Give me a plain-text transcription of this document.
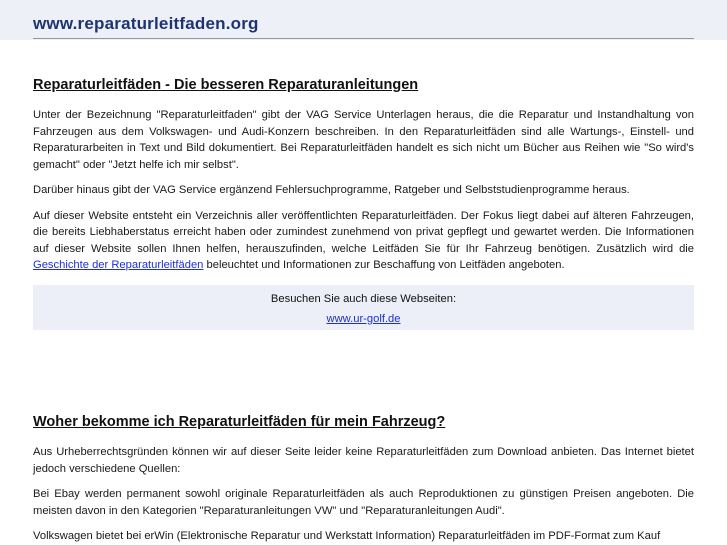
www.reparaturleitfaden.org
Reparaturleitfäden - Die besseren Reparaturanleitungen

Unter der Bezeichnung "Reparaturleitfaden" gibt der VAG Service Unterlagen heraus, die die Reparatur und Instandhaltung von Fahrzeugen aus dem Volkswagen- und Audi-Konzern beschreiben. In den Reparaturleitfäden sind alle Wartungs-, Einstell- und Reparaturarbeiten in Text und Bild dokumentiert. Bei Reparaturleitfäden handelt es sich nicht um Bücher aus Reihen wie "So wird's gemacht" oder "Jetzt helfe ich mir selbst".

Darüber hinaus gibt der VAG Service ergänzend Fehlersuchprogramme, Ratgeber und Selbststudienprogramme heraus.

Auf dieser Website entsteht ein Verzeichnis aller veröffentlichten Reparaturleitfäden. Der Fokus liegt dabei auf älteren Fahrzeugen, die bereits Liebhaberstatus erreicht haben oder zumindest zunehmend von privat gepflegt und gewartet werden. Die Informationen auf dieser Website sollen Ihnen helfen, herauszufinden, welche Leitfäden Sie für Ihr Fahrzeug benötigen. Zusätzlich wird die Geschichte der Reparaturleitfäden beleuchtet und Informationen zur Beschaffung von Leitfäden angeboten.

Besuchen Sie auch diese Webseiten:
www.ur-golf.de
Woher bekomme ich Reparaturleitfäden für mein Fahrzeug?

Aus Urheberrechtsgründen können wir auf dieser Seite leider keine Reparaturleitfäden zum Download anbieten. Das Internet bietet jedoch verschiedene Quellen:

Bei Ebay werden permanent sowohl originale Reparaturleitfäden als auch Reproduktionen zu günstigen Preisen angeboten. Die meisten davon in den Kategorien "Reparaturanleitungen VW" und "Reparaturanleitungen Audi".

Volkswagen bietet bei erWin (Elektronische Reparatur und Werkstatt Information) Reparaturleitfäden im PDF-Format zum Kauf
